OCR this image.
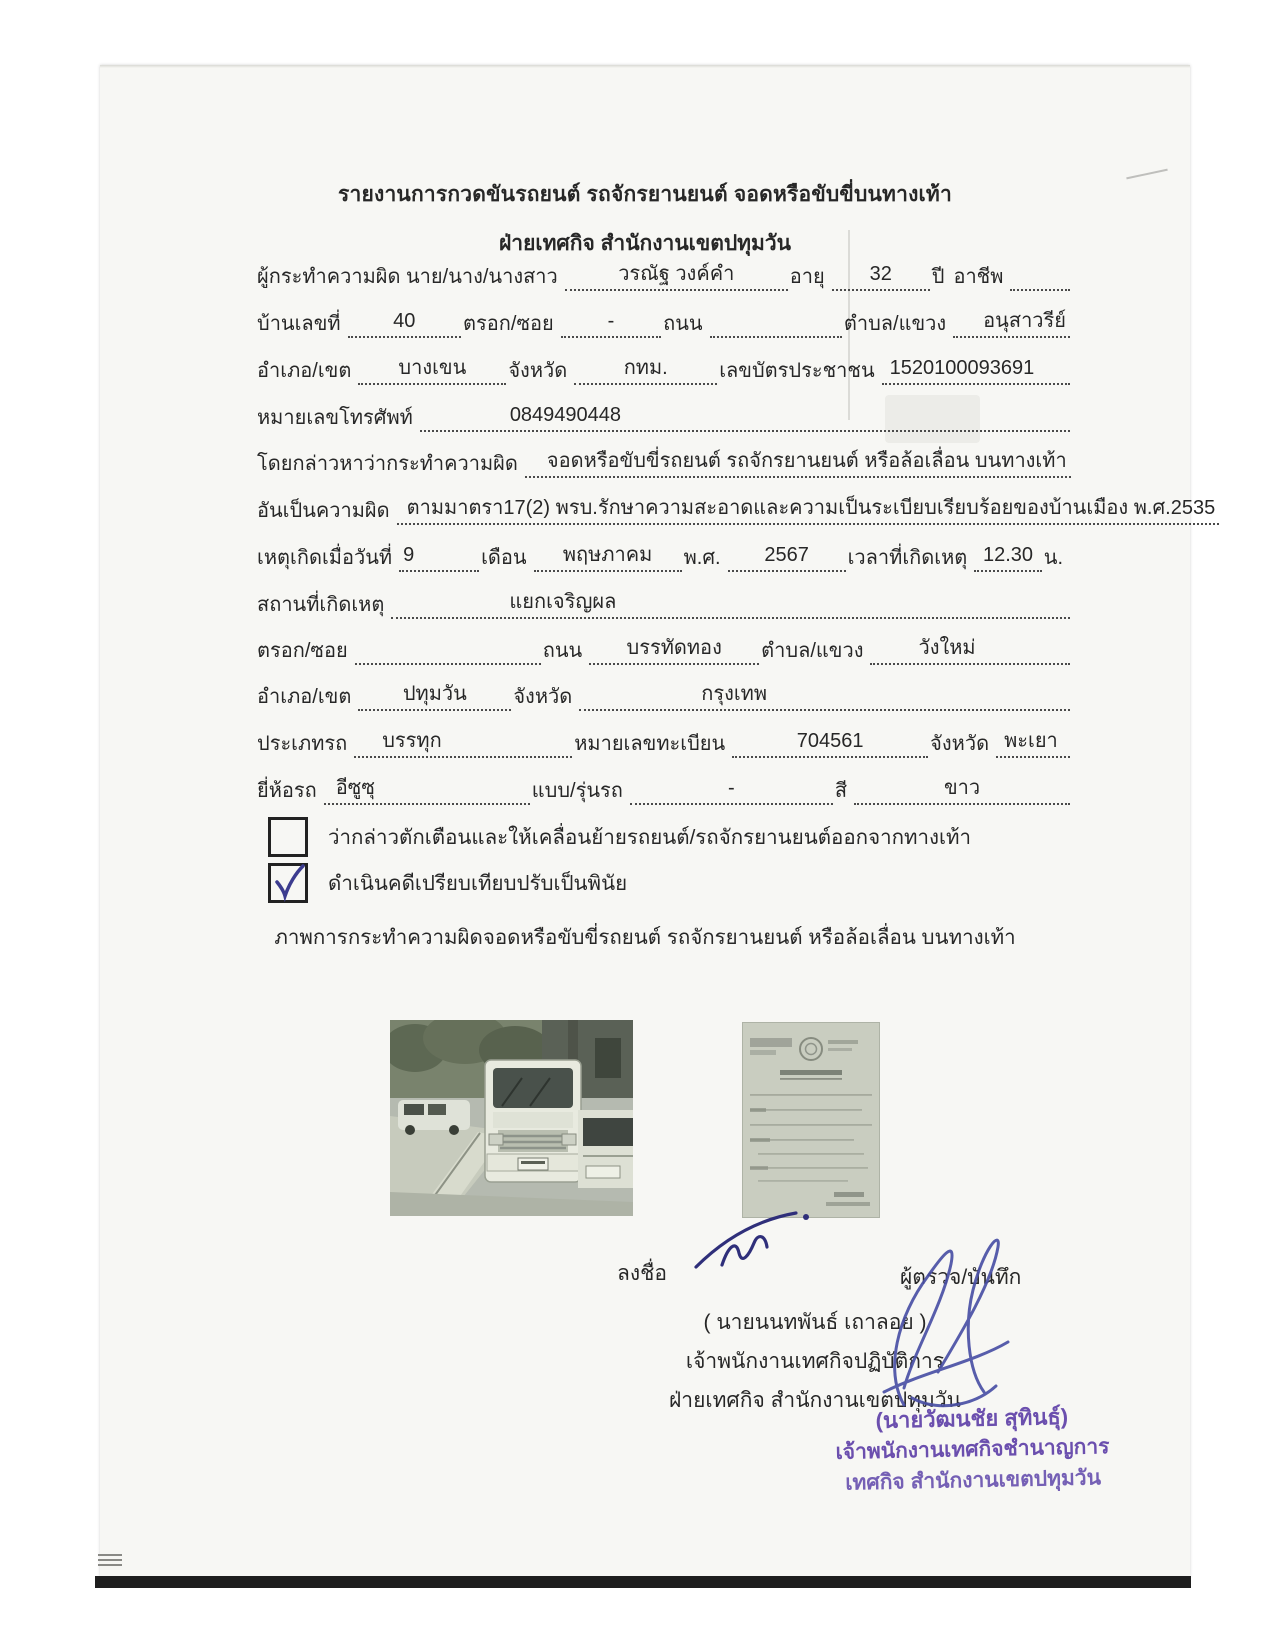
รายงานการกวดขันรถยนต์ รถจักรยานยนต์ จอดหรือขับขี่บนทางเท้า
ฝ่ายเทศกิจ สำนักงานเขตปทุมวัน
ผู้กระทำความผิด นาย/นาง/นางสาว	วรณัฐ วงค์คำ	อายุ	32	ปี อาชีพ
บ้านเลขที่	40	ตรอก/ซอย	-	ถนน	ตำบล/แขวง	อนุสาวรีย์
อำเภอ/เขต	บางเขน	จังหวัด	กทม.	เลขบัตรประชาชน 1520100093691
หมายเลขโทรศัพท์	0849490448
โดยกล่าวหาว่ากระทำความผิด	จอดหรือขับขี่รถยนต์ รถจักรยานยนต์ หรือล้อเลื่อน บนทางเท้า
อันเป็นความผิด ตามมาตรา17(2) พรบ.รักษาความสะอาดและความเป็นระเบียบเรียบร้อยของบ้านเมือง พ.ศ.2535
เหตุเกิดเมื่อวันที่ 9	เดือน	พฤษภาคม	พ.ศ.	2567	เวลาที่เกิดเหตุ 12.30 น.
สถานที่เกิดเหตุ	แยกเจริญผล
ตรอก/ซอย	ถนน	บรรทัดทอง	ตำบล/แขวง	วังใหม่
อำเภอ/เขต	ปทุมวัน	จังหวัด	กรุงเทพ
ประเภทรถ	บรรทุก	หมายเลขทะเบียน	704561	จังหวัด พะเยา
ยี่ห้อรถ อีซูซุ	แบบ/รุ่นรถ	-	สี	ขาว
ว่ากล่าวตักเตือนและให้เคลื่อนย้ายรถยนต์/รถจักรยานยนต์ออกจากทางเท้า
ดำเนินคดีเปรียบเทียบปรับเป็นพินัย
ภาพการกระทำความผิดจอดหรือขับขี่รถยนต์ รถจักรยานยนต์ หรือล้อเลื่อน บนทางเท้า
ลงชื่อ	ผู้ตรวจ/บันทึก
( นายนนทพันธ์ เถาลอย )
เจ้าพนักงานเทศกิจปฏิบัติการ
ฝ่ายเทศกิจ สำนักงานเขตปทุมวัน
(นายวัฒนชัย สุทินธุ์)
เจ้าพนักงานเทศกิจชำนาญการ
เทศกิจ สำนักงานเขตปทุมวัน
